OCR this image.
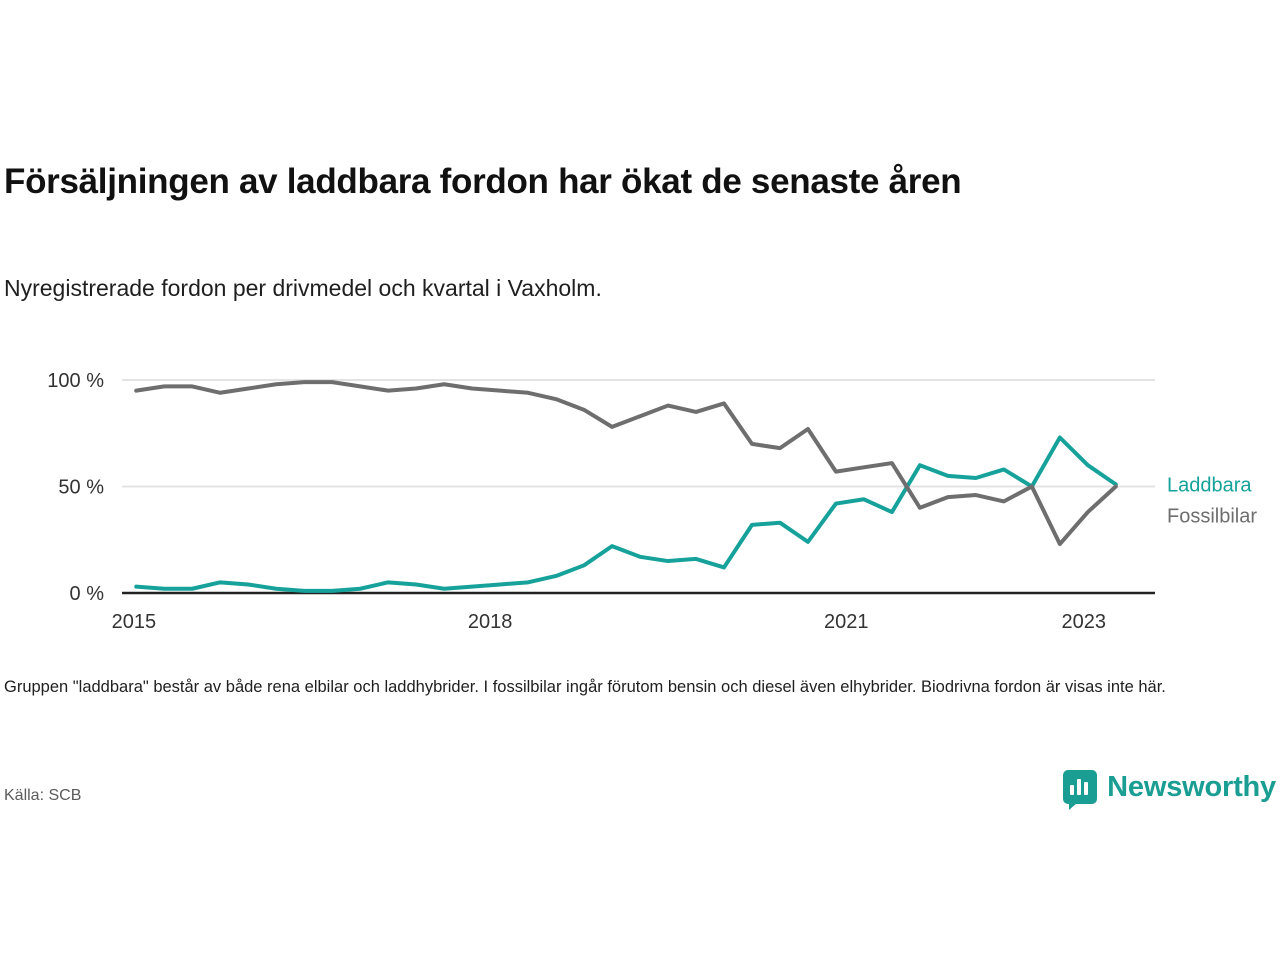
Försäljningen av laddbara fordon har ökat de senaste åren
Nyregistrerade fordon per drivmedel och kvartal i Vaxholm.
0 %
50 %
100 %
2015	2018	2021	2023
Laddbara
Fossilbilar
Gruppen "laddbara" består av både rena elbilar och laddhybrider. I fossilbilar ingår förutom bensin och diesel även elhybrider. Biodrivna fordon är visas inte här.
Källa: SCB	Newsworthy
